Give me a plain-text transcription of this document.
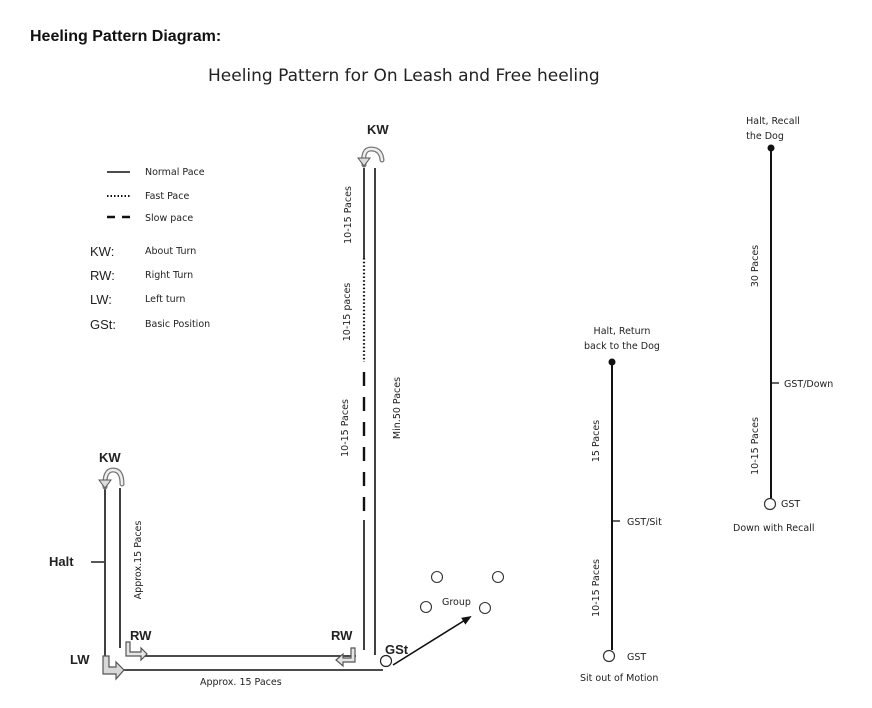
Heeling Pattern Diagram:
Heeling Pattern for On Leash and Free heeling
Normal Pace
Fast Pace
Slow pace
KW:	About Turn
RW:	Right Turn
LW:	Left turn
GSt:	Basic Position
KW
KW
Halt
LW
RW	RW
GSt
Group
Approx. 15 Paces
10-15 Paces
10-15 paces
10-15 Paces	Min.50 Paces
Approx.15 Paces
Halt, Return
back to the Dog
15 Paces
GST/Sit
10-15 Paces
GST
Sit out of Motion
Halt, Recall
the Dog
30 Paces
GST/Down
10-15 Paces
GST
Down with Recall
